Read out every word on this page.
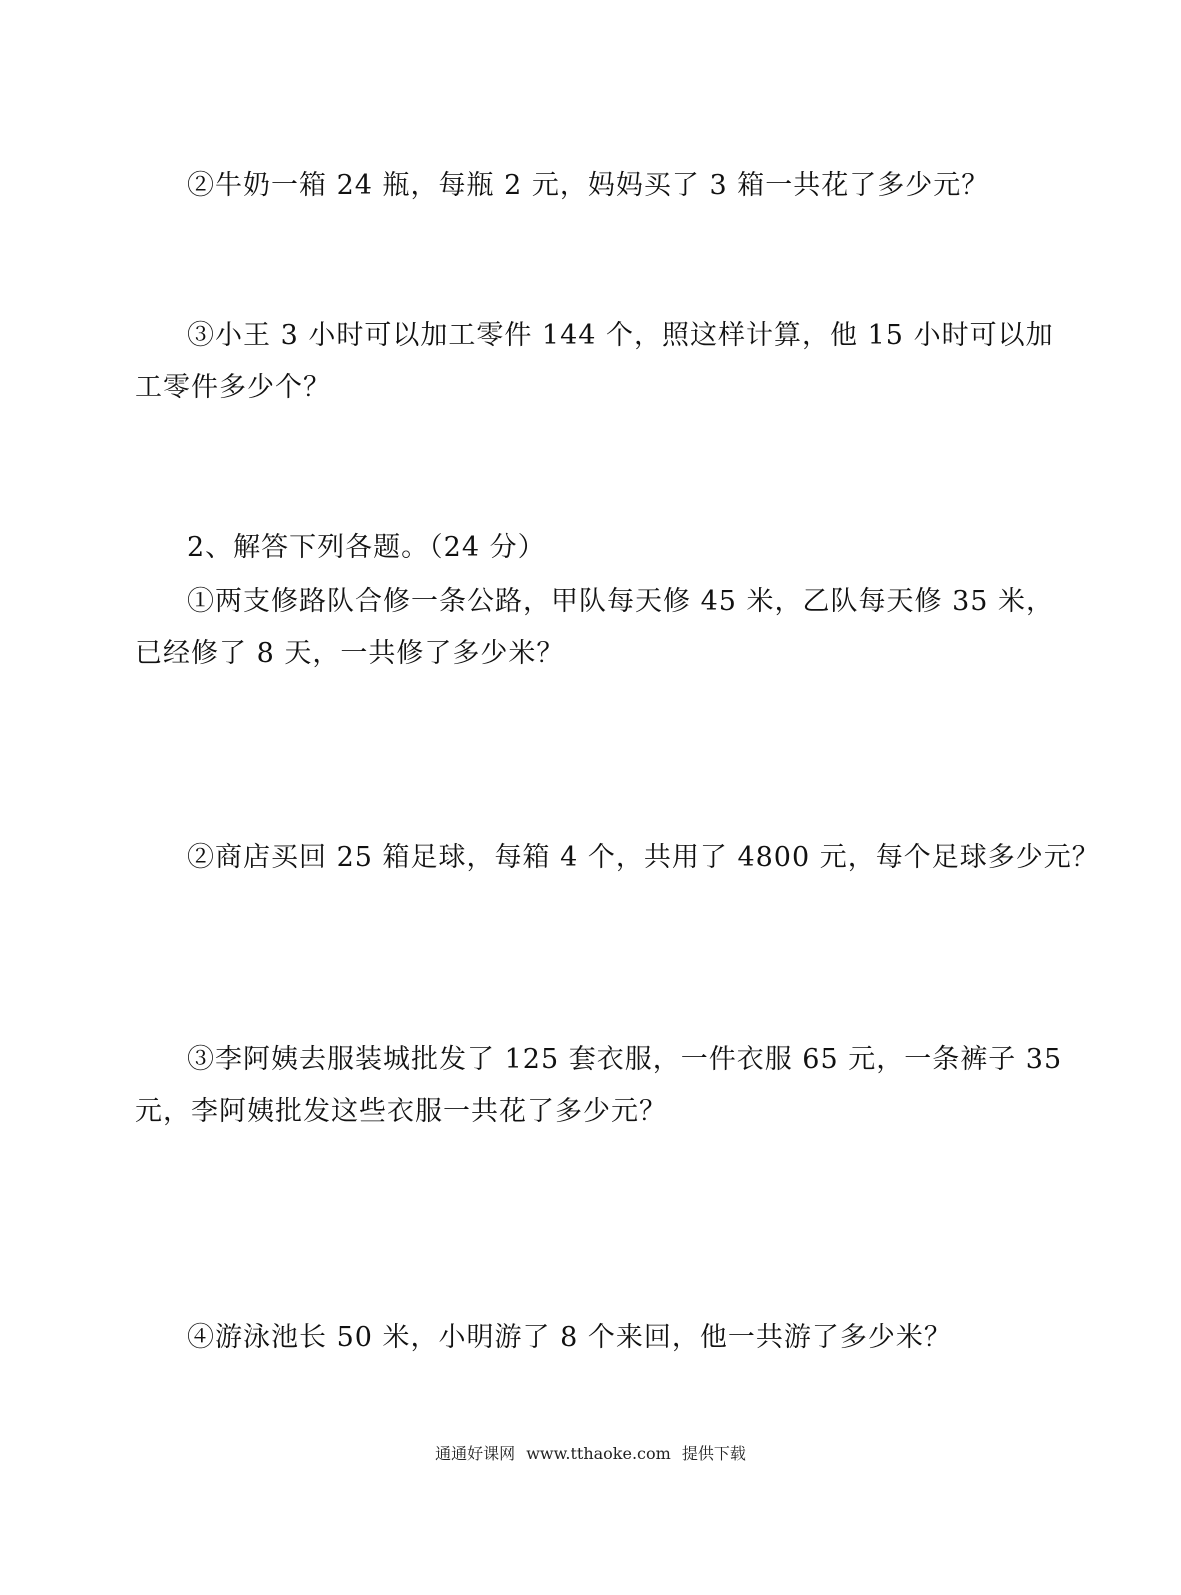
②牛奶一箱 24 瓶，每瓶 2 元，妈妈买了 3 箱一共花了多少元？
③小王 3 小时可以加工零件 144 个，照这样计算，他 15 小时可以加
工零件多少个？
2、解答下列各题。（24 分）
①两支修路队合修一条公路，甲队每天修 45 米，乙队每天修 35 米，
已经修了 8 天，一共修了多少米？
②商店买回 25 箱足球，每箱 4 个，共用了 4800 元，每个足球多少元？
③李阿姨去服装城批发了 125 套衣服，一件衣服 65 元，一条裤子 35
元，李阿姨批发这些衣服一共花了多少元？
④游泳池长 50 米，小明游了 8 个来回，他一共游了多少米？
通通好课网 www.tthaoke.com 提供下载
